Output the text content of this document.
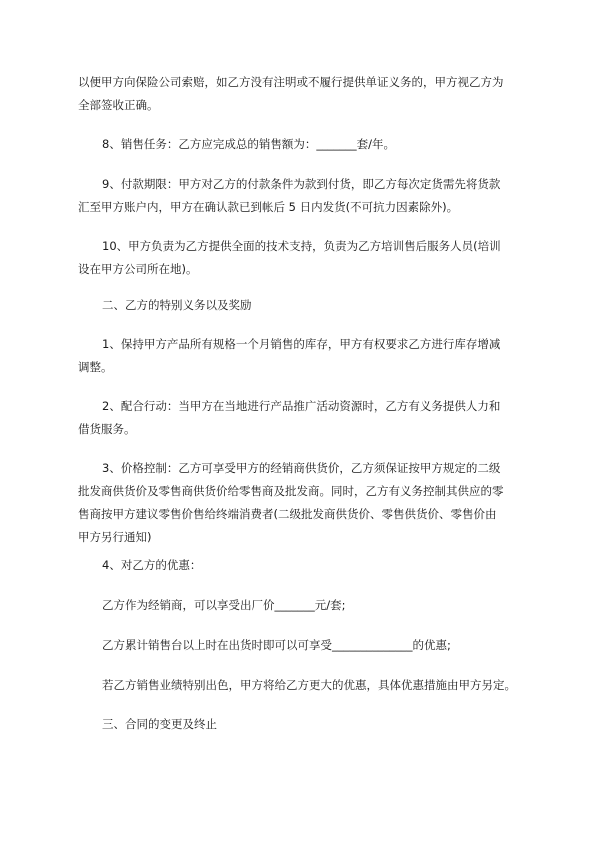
以便甲方向保险公司索赔，如乙方没有注明或不履行提供单证义务的，甲方视乙方为
全部签收正确。
8、销售任务：乙方应完成总的销售额为：_______套/年。
9、付款期限：甲方对乙方的付款条件为款到付货，即乙方每次定货需先将货款
汇至甲方账户内，甲方在确认款已到帐后 5 日内发货(不可抗力因素除外)。
10、甲方负责为乙方提供全面的技术支持，负责为乙方培训售后服务人员(培训
设在甲方公司所在地)。
二、乙方的特别义务以及奖励
1、保持甲方产品所有规格一个月销售的库存，甲方有权要求乙方进行库存增减
调整。
2、配合行动：当甲方在当地进行产品推广活动资源时，乙方有义务提供人力和
借货服务。
3、价格控制：乙方可享受甲方的经销商供货价，乙方须保证按甲方规定的二级
批发商供货价及零售商供货价给零售商及批发商。同时，乙方有义务控制其供应的零
售商按甲方建议零售价售给终端消费者(二级批发商供货价、零售供货价、零售价由
甲方另行通知)
4、对乙方的优惠：
乙方作为经销商，可以享受出厂价_______元/套;
乙方累计销售台以上时在出货时即可以可享受______________的优惠;
若乙方销售业绩特别出色，甲方将给乙方更大的优惠，具体优惠措施由甲方另定。
三、合同的变更及终止
